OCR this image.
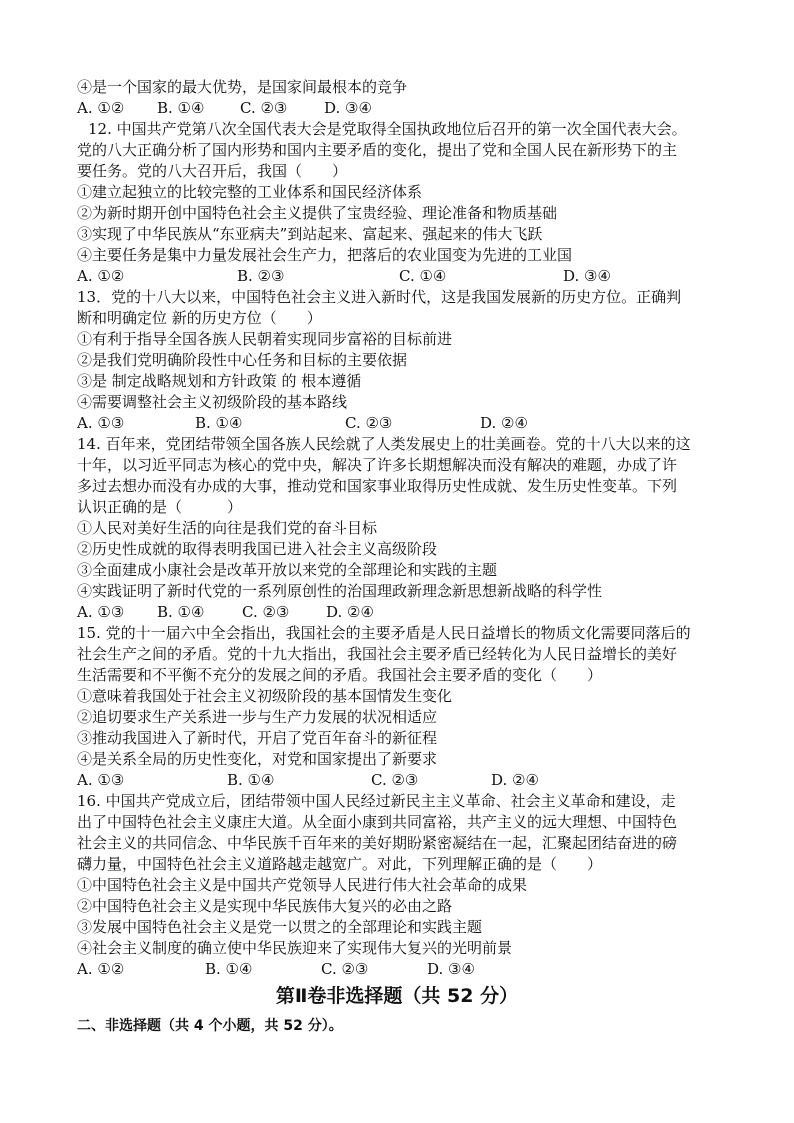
④是一个国家的最大优势，是国家间最根本的竞争
A. ①② B. ①④ C. ②③ D. ③④
12. 中国共产党第八次全国代表大会是党取得全国执政地位后召开的第一次全国代表大会。
党的八大正确分析了国内形势和国内主要矛盾的变化，提出了党和全国人民在新形势下的主
要任务。党的八大召开后，我国（　　）
①建立起独立的比较完整的工业体系和国民经济体系
②为新时期开创中国特色社会主义提供了宝贵经验、理论准备和物质基础
③实现了中华民族从“东亚病夫”到站起来、富起来、强起来的伟大飞跃
④主要任务是集中力量发展社会生产力，把落后的农业国变为先进的工业国
A. ①②	B. ②③	C. ①④	D. ③④
13．党的十八大以来，中国特色社会主义进入新时代，这是我国发展新的历史方位。正确判
断和明确定位 新的历史方位（　　）
①有利于指导全国各族人民朝着实现同步富裕的目标前进
②是我们党明确阶段性中心任务和目标的主要依据
③是 制定战略规划和方针政策 的 根本遵循
④需要调整社会主义初级阶段的基本路线
A. ①③	B. ①④	C. ②③	D. ②④
14. 百年来，党团结带领全国各族人民绘就了人类发展史上的壮美画卷。党的十八大以来的这
十年，以习近平同志为核心的党中央，解决了许多长期想解决而没有解决的难题，办成了许
多过去想办而没有办成的大事，推动党和国家事业取得历史性成就、发生历史性变革。下列
认识正确的是（　　　）
①人民对美好生活的向往是我们党的奋斗目标
②历史性成就的取得表明我国已进入社会主义高级阶段
③全面建成小康社会是改革开放以来党的全部理论和实践的主题
④实践证明了新时代党的一系列原创性的治国理政新理念新思想新战略的科学性
A. ①③ B. ①④	C. ②③ D. ②④
15. 党的十一届六中全会指出，我国社会的主要矛盾是人民日益增长的物质文化需要同落后的
社会生产之间的矛盾。党的十九大指出，我国社会主要矛盾已经转化为人民日益增长的美好
生活需要和不平衡不充分的发展之间的矛盾。我国社会主要矛盾的变化（　　）
①意味着我国处于社会主义初级阶段的基本国情发生变化
②追切要求生产关系进一步与生产力发展的状况相适应
③推动我国进入了新时代，开启了党百年奋斗的新征程
④是关系全局的历史性变化，对党和国家提出了新要求
A. ①③	B. ①④	C. ②③	D. ②④
16. 中国共产党成立后，团结带领中国人民经过新民主主义革命、社会主义革命和建设，走
出了中国特色社会主义康庄大道。从全面小康到共同富裕，共产主义的远大理想、中国特色
社会主义的共同信念、中华民族千百年来的美好期盼紧密凝结在一起，汇聚起团结奋进的磅
礴力量，中国特色社会主义道路越走越宽广。对此，下列理解正确的是（　　）
①中国特色社会主义是中国共产党领导人民进行伟大社会革命的成果
②中国特色社会主义是实现中华民族伟大复兴的必由之路
③发展中国特色社会主义是党一以贯之的全部理论和实践主题
④社会主义制度的确立使中华民族迎来了实现伟大复兴的光明前景
A. ①②	B. ①④	C. ②③	D. ③④
第Ⅱ卷非选择题（共 52 分）
二、非选择题（共 4 个小题，共 52 分）。
